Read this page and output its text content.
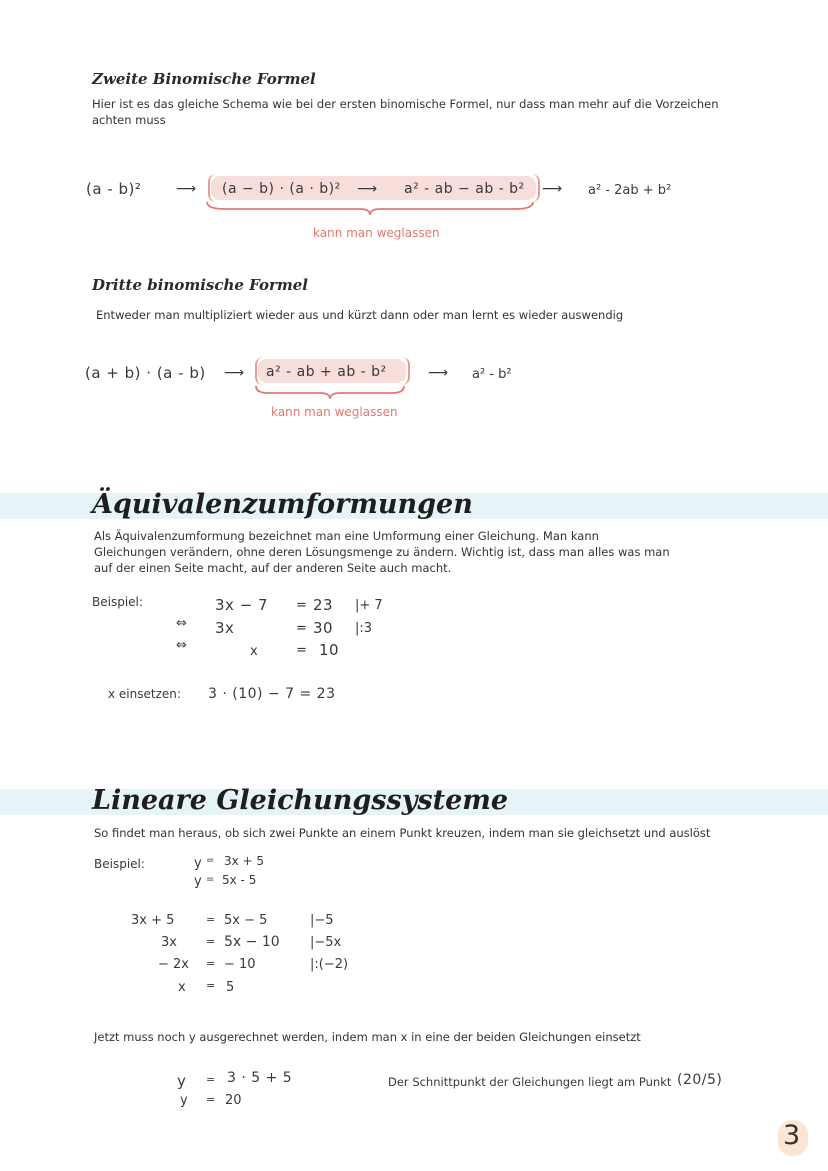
Zweite Binomische Formel
Hier ist es das gleiche Schema wie bei der ersten binomische Formel, nur dass man mehr auf die Vorzeichen achten muss
(a - b)² ⟶ (a − b) · (a · b)² ⟶ a² - ab − ab - b² ⟶ a² - 2ab + b²
kann man weglassen
Dritte binomische Formel
Entweder man multipliziert wieder aus und kürzt dann oder man lernt es wieder auswendig
(a + b) · (a - b) ⟶ a² - ab + ab - b²	⟶ a² - b²
kann man weglassen
Äquivalenzumformungen
Als Äquivalenzumformung bezeichnet man eine Umformung einer Gleichung. Man kann Gleichungen verändern, ohne deren Lösungsmenge zu ändern. Wichtig ist, dass man alles was man auf der einen Seite macht, auf der anderen Seite auch macht.
Beispiel:	3x − 7 = 23 |+ 7
⇔ 3x	= 30 |:3
⇔	x	= 10
x einsetzen: 3 · (10) − 7 = 23
Lineare Gleichungssysteme
So findet man heraus, ob sich zwei Punkte an einem Punkt kreuzen, indem man sie gleichsetzt und auslöst
Beispiel:	y = 3x + 5
y = 5x - 5
3x + 5	= 5x − 5	|−5
3x	= 5x − 10 |−5x
− 2x = − 10	|:(−2)
x = 5
Jetzt muss noch y ausgerechnet werden, indem man x in eine der beiden Gleichungen einsetzt
y = 3 · 5 + 5
y = 20
Der Schnittpunkt der Gleichungen liegt am Punkt (20/5)
3
